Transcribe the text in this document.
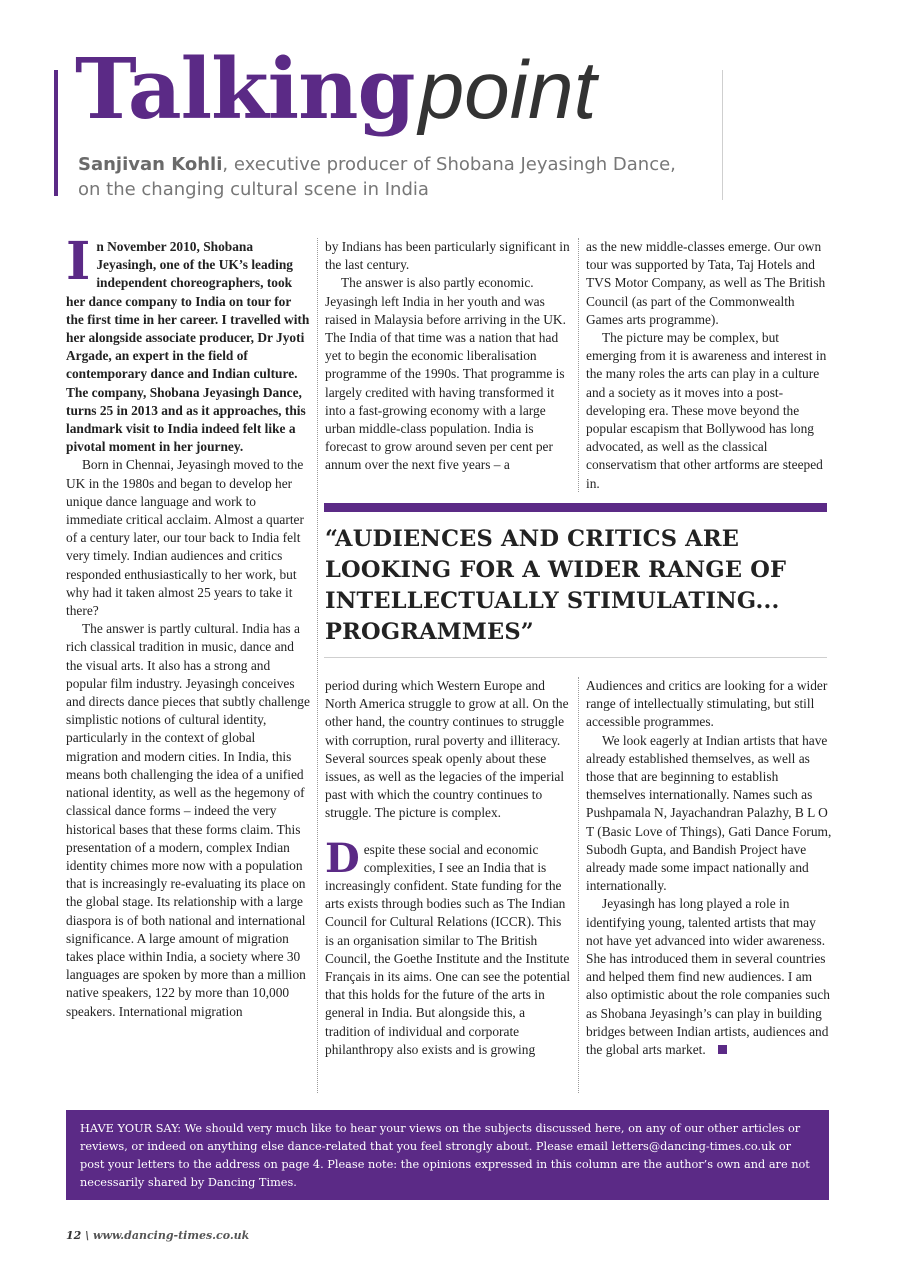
Talkingpoint
Sanjivan Kohli, executive producer of Shobana Jeyasingh Dance, on the changing cultural scene in India

In November 2010, Shobana Jeyasingh, one of the UK’s leading independent choreographers, took her dance company to India on tour for the first time in her career. I travelled with her alongside associate producer, Dr Jyoti Argade, an expert in the field of contemporary dance and Indian culture. The company, Shobana Jeyasingh Dance, turns 25 in 2013 and as it approaches, this landmark visit to India indeed felt like a pivotal moment in her journey.

Born in Chennai, Jeyasingh moved to the UK in the 1980s and began to develop her unique dance language and work to immediate critical acclaim. Almost a quarter of a century later, our tour back to India felt very timely. Indian audiences and critics responded enthusiastically to her work, but why had it taken almost 25 years to take it there?

The answer is partly cultural. India has a rich classical tradition in music, dance and the visual arts. It also has a strong and popular film industry. Jeyasingh conceives and directs dance pieces that subtly challenge simplistic notions of cultural identity, particularly in the context of global migration and modern cities. In India, this means both challenging the idea of a unified national identity, as well as the hegemony of classical dance forms – indeed the very historical bases that these forms claim. This presentation of a modern, complex Indian identity chimes more now with a population that is increasingly re-evaluating its place on the global stage. Its relationship with a large diaspora is of both national and international significance. A large amount of migration takes place within India, a society where 30 languages are spoken by more than a million native speakers, 122 by more than 10,000 speakers. International migration

by Indians has been particularly significant in the last century.

The answer is also partly economic. Jeyasingh left India in her youth and was raised in Malaysia before arriving in the UK. The India of that time was a nation that had yet to begin the economic liberalisation programme of the 1990s. That programme is largely credited with having transformed it into a fast-growing economy with a large urban middle-class population. India is forecast to grow around seven per cent per annum over the next five years – a

as the new middle-classes emerge. Our own tour was supported by Tata, Taj Hotels and TVS Motor Company, as well as The British Council (as part of the Commonwealth Games arts programme).

The picture may be complex, but emerging from it is awareness and interest in the many roles the arts can play in a culture and a society as it moves into a post-developing era. These move beyond the popular escapism that Bollywood has long advocated, as well as the classical conservatism that other artforms are steeped in.

“AUDIENCES AND CRITICS ARE LOOKING FOR A WIDER RANGE OF INTELLECTUALLY STIMULATING... PROGRAMMES”

period during which Western Europe and North America struggle to grow at all. On the other hand, the country continues to struggle with corruption, rural poverty and illiteracy. Several sources speak openly about these issues, as well as the legacies of the imperial past with which the country continues to struggle. The picture is complex.

Despite these social and economic complexities, I see an India that is increasingly confident. State funding for the arts exists through bodies such as The Indian Council for Cultural Relations (ICCR). This is an organisation similar to The British Council, the Goethe Institute and the Institute Français in its aims. One can see the potential that this holds for the future of the arts in general in India. But alongside this, a tradition of individual and corporate philanthropy also exists and is growing

Audiences and critics are looking for a wider range of intellectually stimulating, but still accessible programmes.

We look eagerly at Indian artists that have already established themselves, as well as those that are beginning to establish themselves internationally. Names such as Pushpamala N, Jayachandran Palazhy, B L O T (Basic Love of Things), Gati Dance Forum, Subodh Gupta, and Bandish Project have already made some impact nationally and internationally.

Jeyasingh has long played a role in identifying young, talented artists that may not have yet advanced into wider awareness. She has introduced them in several countries and helped them find new audiences. I am also optimistic about the role companies such as Shobana Jeyasingh’s can play in building bridges between Indian artists, audiences and the global arts market.

HAVE YOUR SAY: We should very much like to hear your views on the subjects discussed here, on any of our other articles or reviews, or indeed on anything else dance-related that you feel strongly about. Please email letters@dancing-times.co.uk or post your letters to the address on page 4. Please note: the opinions expressed in this column are the author’s own and are not necessarily shared by Dancing Times.
12 \ www.dancing-times.co.uk
